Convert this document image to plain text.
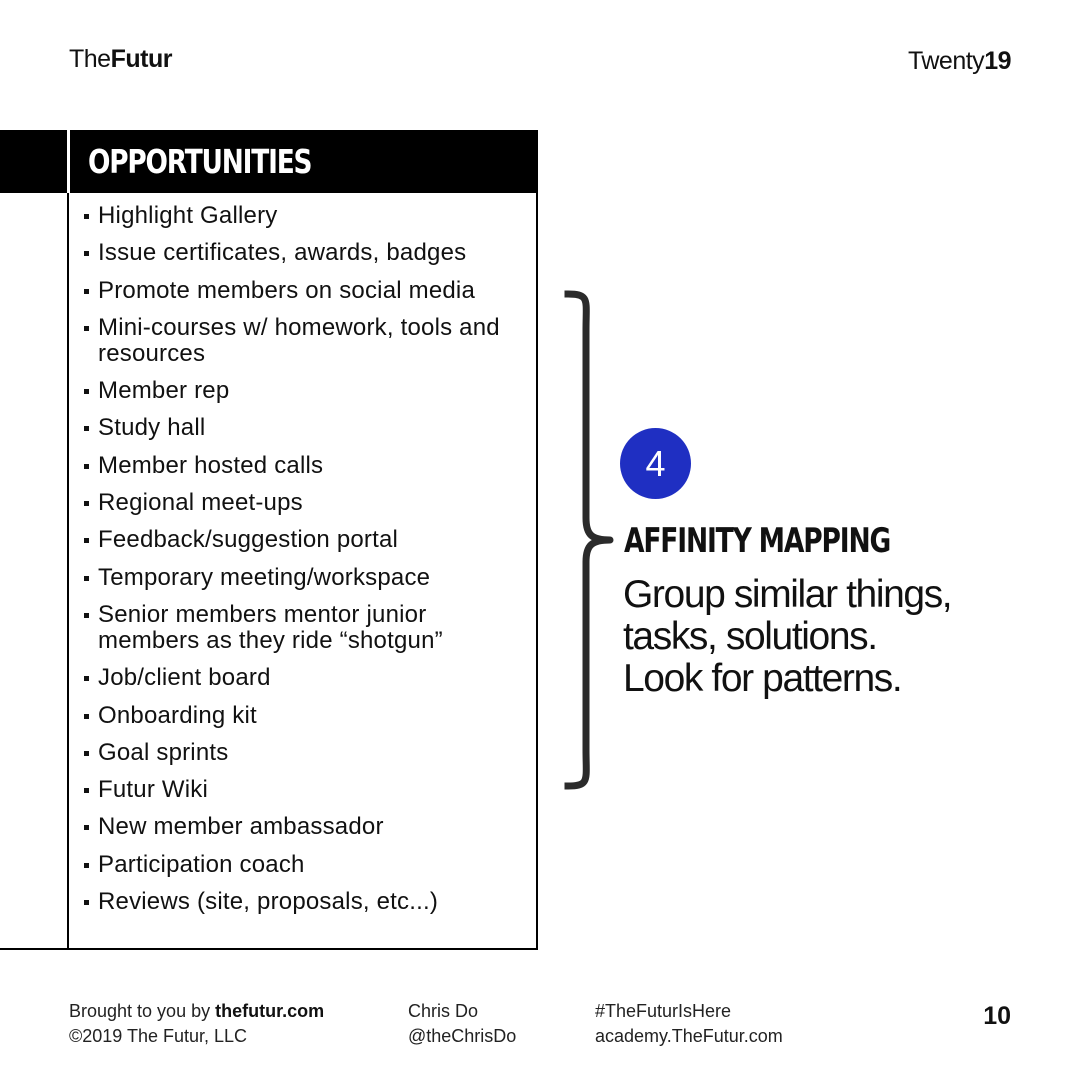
TheFutur	Twenty19
OPPORTUNITIES
Highlight Gallery
Issue certificates, awards, badges
Promote members on social media
Mini-courses w/ homework, tools and resources
Member rep
Study hall
Member hosted calls
Regional meet-ups
Feedback/suggestion portal
Temporary meeting/workspace
Senior members mentor junior members as they ride “shotgun”
Job/client board
Onboarding kit
Goal sprints
Futur Wiki
New member ambassador
Participation coach
Reviews (site, proposals, etc...)
4
AFFINITY MAPPING
Group similar things,
tasks, solutions.
Look for patterns.
Brought to you by thefutur.com
©2019 The Futur, LLC
Chris Do
@theChrisDo
#TheFuturIsHere
academy.TheFutur.com
10
